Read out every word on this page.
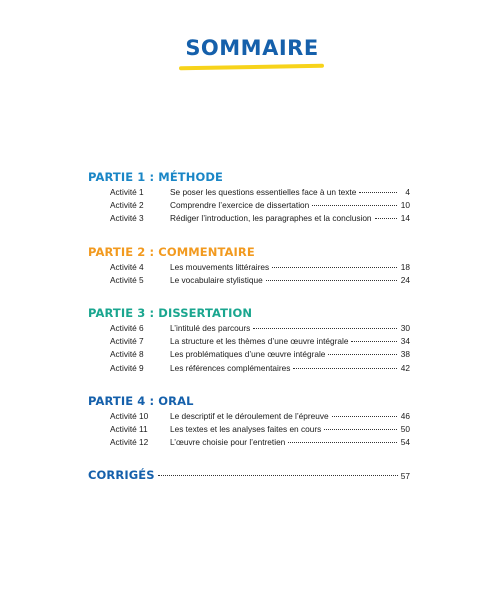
SOMMAIRE
PARTIE 1 : MÉTHODE
Activité 1	Se poser les questions essentielles face à un texte	4
Activité 2	Comprendre l’exercice de dissertation	10
Activité 3	Rédiger l’introduction, les paragraphes et la conclusion	14
PARTIE 2 : COMMENTAIRE
Activité 4	Les mouvements littéraires	18
Activité 5	Le vocabulaire stylistique	24
PARTIE 3 : DISSERTATION
Activité 6	L’intitulé des parcours	30
Activité 7	La structure et les thèmes d’une œuvre intégrale	34
Activité 8	Les problématiques d’une œuvre intégrale	38
Activité 9	Les références complémentaires	42
PARTIE 4 : ORAL
Activité 10	Le descriptif et le déroulement de l’épreuve	46
Activité 11	Les textes et les analyses faites en cours	50
Activité 12	L’œuvre choisie pour l’entretien	54
CORRIGÉS	57
